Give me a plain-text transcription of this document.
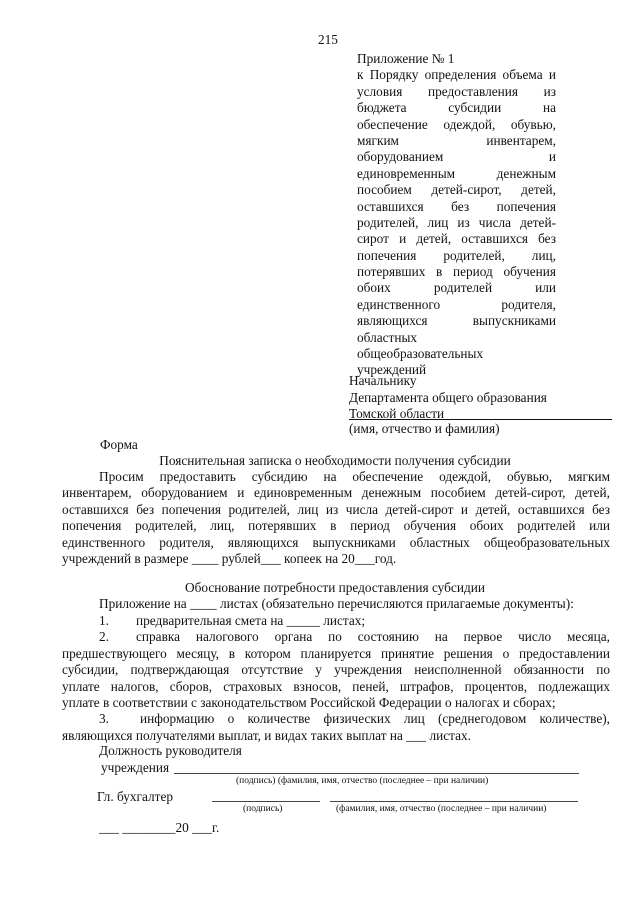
215
Приложение № 1
к Порядку определения объема и
условия предоставления из
бюджета субсидии на
обеспечение одеждой, обувью,
мягким инвентарем,
оборудованием и
единовременным денежным
пособием детей-сирот, детей,
оставшихся без попечения
родителей, лиц из числа детей-
сирот и детей, оставшихся без
попечения родителей, лиц,
потерявших в период обучения
обоих родителей или
единственного родителя,
являющихся выпускниками
областных
общеобразовательных
учреждений
Начальнику
Департамента общего образования
Томской области
(имя, отчество и фамилия)
Форма
Пояснительная записка о необходимости получения субсидии
Просим предоставить субсидию на обеспечение одеждой, обувью, мягким
инвентарем, оборудованием и единовременным денежным пособием детей-сирот, детей,
оставшихся без попечения родителей, лиц из числа детей-сирот и детей, оставшихся без
попечения родителей, лиц, потерявших в период обучения обоих родителей или
единственного родителя, являющихся выпускниками областных общеобразовательных
учреждений в размере ____ рублей___ копеек на 20___год.
Обоснование потребности предоставления субсидии
Приложение на ____ листах (обязательно перечисляются прилагаемые документы):
1. предварительная смета на _____ листах;
2. справка налогового органа по состоянию на первое число месяца,
предшествующего месяцу, в котором планируется принятие решения о предоставлении
субсидии, подтверждающая отсутствие у учреждения неисполненной обязанности по
уплате налогов, сборов, страховых взносов, пеней, штрафов, процентов, подлежащих
уплате в соответствии с законодательством Российской Федерации о налогах и сборах;
3. информацию о количестве физических лиц (среднегодовом количестве),
являющихся получателями выплат, и видах таких выплат на ___ листах.
Должность руководителя
учреждения
(подпись) (фамилия, имя, отчество (последнее – при наличии)
Гл. бухгалтер
(подпись)	(фамилия, имя, отчество (последнее – при наличии)
___ ________20 ___г.
